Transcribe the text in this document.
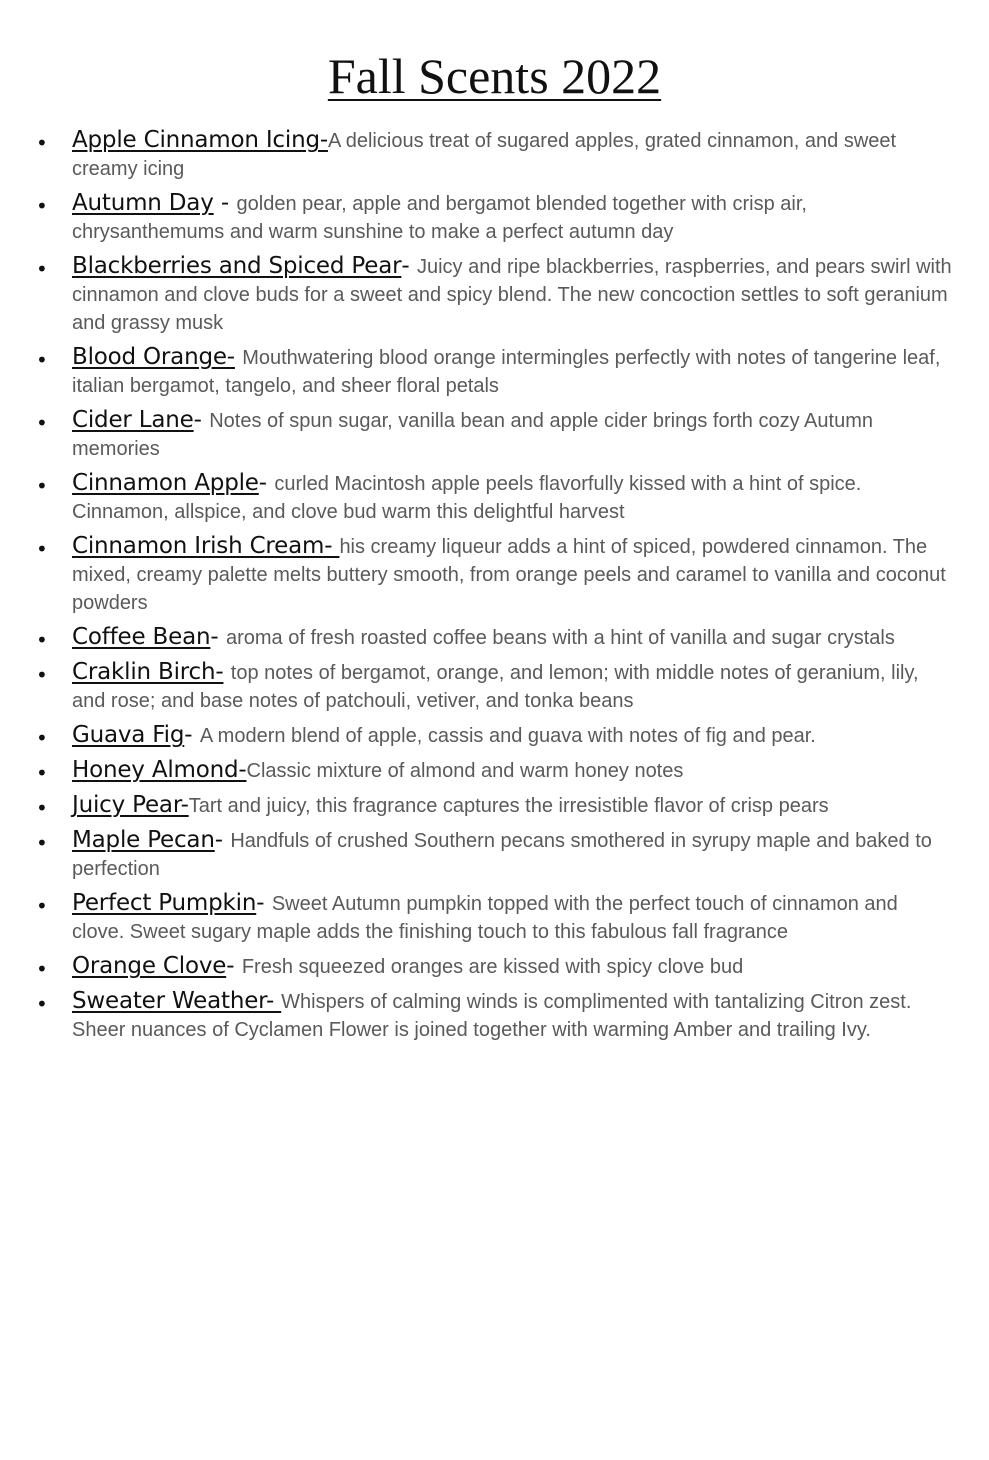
Fall Scents 2022
• Apple Cinnamon Icing-A delicious treat of sugared apples, grated cinnamon, and sweet creamy icing
• Autumn Day - golden pear, apple and bergamot blended together with crisp air, chrysanthemums and warm sunshine to make a perfect autumn day
• Blackberries and Spiced Pear- Juicy and ripe blackberries, raspberries, and pears swirl with cinnamon and clove buds for a sweet and spicy blend. The new concoction settles to soft geranium and grassy musk
• Blood Orange- Mouthwatering blood orange intermingles perfectly with notes of tangerine leaf, italian bergamot, tangelo, and sheer floral petals
• Cider Lane- Notes of spun sugar, vanilla bean and apple cider brings forth cozy Autumn memories
• Cinnamon Apple- curled Macintosh apple peels flavorfully kissed with a hint of spice. Cinnamon, allspice, and clove bud warm this delightful harvest
• Cinnamon Irish Cream- his creamy liqueur adds a hint of spiced, powdered cinnamon. The mixed, creamy palette melts buttery smooth, from orange peels and caramel to vanilla and coconut powders
• Coffee Bean- aroma of fresh roasted coffee beans with a hint of vanilla and sugar crystals
• Craklin Birch- top notes of bergamot, orange, and lemon; with middle notes of geranium, lily, and rose; and base notes of patchouli, vetiver, and tonka beans
• Guava Fig- A modern blend of apple, cassis and guava with notes of fig and pear.
• Honey Almond-Classic mixture of almond and warm honey notes
• Juicy Pear-Tart and juicy, this fragrance captures the irresistible flavor of crisp pears
• Maple Pecan- Handfuls of crushed Southern pecans smothered in syrupy maple and baked to perfection
• Perfect Pumpkin- Sweet Autumn pumpkin topped with the perfect touch of cinnamon and clove. Sweet sugary maple adds the finishing touch to this fabulous fall fragrance
• Orange Clove- Fresh squeezed oranges are kissed with spicy clove bud
• Sweater Weather- Whispers of calming winds is complimented with tantalizing Citron zest. Sheer nuances of Cyclamen Flower is joined together with warming Amber and trailing Ivy.
